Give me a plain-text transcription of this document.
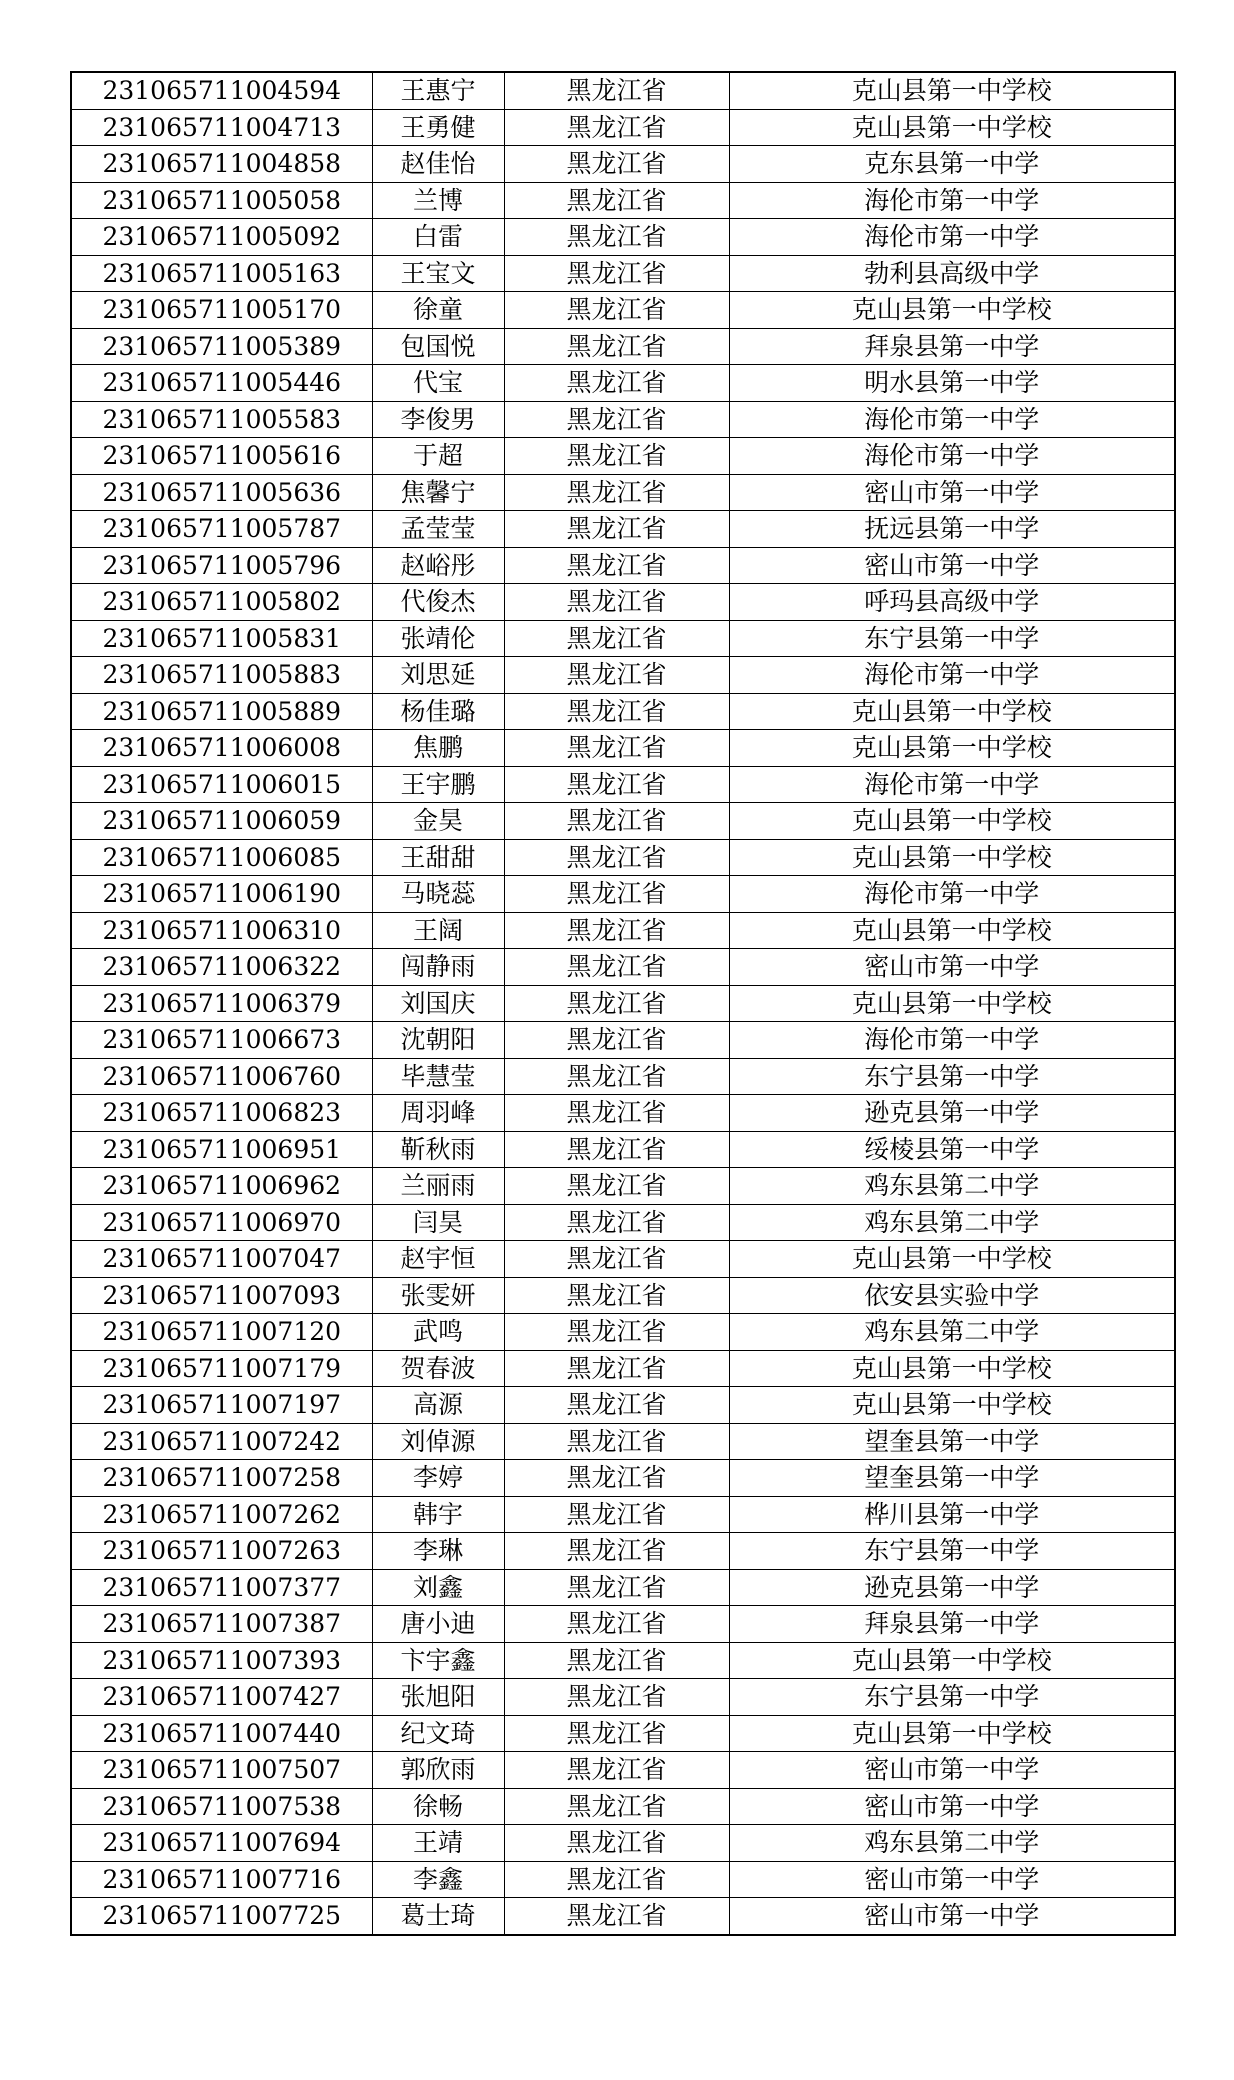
231065711004594	王惠宁	黑龙江省	克山县第一中学校
231065711004713	王勇健	黑龙江省	克山县第一中学校
231065711004858	赵佳怡	黑龙江省	克东县第一中学
231065711005058	兰博	黑龙江省	海伦市第一中学
231065711005092	白雷	黑龙江省	海伦市第一中学
231065711005163	王宝文	黑龙江省	勃利县高级中学
231065711005170	徐童	黑龙江省	克山县第一中学校
231065711005389	包国悦	黑龙江省	拜泉县第一中学
231065711005446	代宝	黑龙江省	明水县第一中学
231065711005583	李俊男	黑龙江省	海伦市第一中学
231065711005616	于超	黑龙江省	海伦市第一中学
231065711005636	焦馨宁	黑龙江省	密山市第一中学
231065711005787	孟莹莹	黑龙江省	抚远县第一中学
231065711005796	赵峪彤	黑龙江省	密山市第一中学
231065711005802	代俊杰	黑龙江省	呼玛县高级中学
231065711005831	张靖伦	黑龙江省	东宁县第一中学
231065711005883	刘思延	黑龙江省	海伦市第一中学
231065711005889	杨佳璐	黑龙江省	克山县第一中学校
231065711006008	焦鹏	黑龙江省	克山县第一中学校
231065711006015	王宇鹏	黑龙江省	海伦市第一中学
231065711006059	金昊	黑龙江省	克山县第一中学校
231065711006085	王甜甜	黑龙江省	克山县第一中学校
231065711006190	马晓蕊	黑龙江省	海伦市第一中学
231065711006310	王阔	黑龙江省	克山县第一中学校
231065711006322	闯静雨	黑龙江省	密山市第一中学
231065711006379	刘国庆	黑龙江省	克山县第一中学校
231065711006673	沈朝阳	黑龙江省	海伦市第一中学
231065711006760	毕慧莹	黑龙江省	东宁县第一中学
231065711006823	周羽峰	黑龙江省	逊克县第一中学
231065711006951	靳秋雨	黑龙江省	绥棱县第一中学
231065711006962	兰丽雨	黑龙江省	鸡东县第二中学
231065711006970	闫昊	黑龙江省	鸡东县第二中学
231065711007047	赵宇恒	黑龙江省	克山县第一中学校
231065711007093	张雯妍	黑龙江省	依安县实验中学
231065711007120	武鸣	黑龙江省	鸡东县第二中学
231065711007179	贺春波	黑龙江省	克山县第一中学校
231065711007197	高源	黑龙江省	克山县第一中学校
231065711007242	刘倬源	黑龙江省	望奎县第一中学
231065711007258	李婷	黑龙江省	望奎县第一中学
231065711007262	韩宇	黑龙江省	桦川县第一中学
231065711007263	李琳	黑龙江省	东宁县第一中学
231065711007377	刘鑫	黑龙江省	逊克县第一中学
231065711007387	唐小迪	黑龙江省	拜泉县第一中学
231065711007393	卞宇鑫	黑龙江省	克山县第一中学校
231065711007427	张旭阳	黑龙江省	东宁县第一中学
231065711007440	纪文琦	黑龙江省	克山县第一中学校
231065711007507	郭欣雨	黑龙江省	密山市第一中学
231065711007538	徐畅	黑龙江省	密山市第一中学
231065711007694	王靖	黑龙江省	鸡东县第二中学
231065711007716	李鑫	黑龙江省	密山市第一中学
231065711007725	葛士琦	黑龙江省	密山市第一中学
